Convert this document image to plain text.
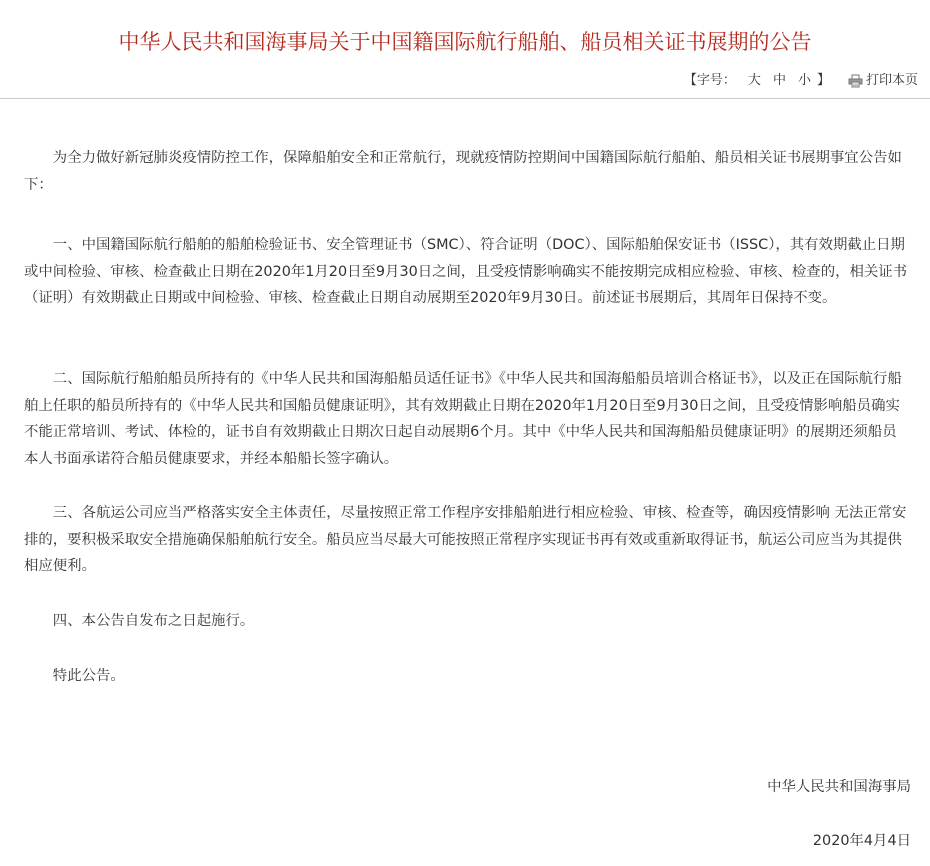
中华人民共和国海事局关于中国籍国际航行船舶、船员相关证书展期的公告
【 字号： 大 中 小 】	打印本页

为全力做好新冠肺炎疫情防控工作，保障船舶安全和正常航行，现就疫情防控期间中国籍国际航行船舶、船员相关证书展期事宜公告如下：

一、中国籍国际航行船舶的船舶检验证书、安全管理证书（SMC）、符合证明（DOC）、国际船舶保安证书（ISSC），其有效期截止日期或中间检验、审核、检查截止日期在2020年1月20日至9月30日之间，且受疫情影响确实不能按期完成相应检验、审核、检查的，相关证书（证明）有效期截止日期或中间检验、审核、检查截止日期自动展期至2020年9月30日。前述证书展期后，其周年日保持不变。

二、国际航行船舶船员所持有的《中华人民共和国海船船员适任证书》《中华人民共和国海船船员培训合格证书》，以及正在国际航行船舶上任职的船员所持有的《中华人民共和国船员健康证明》，其有效期截止日期在2020年1月20日至9月30日之间，且受疫情影响船员确实不能正常培训、考试、体检的，证书自有效期截止日期次日起自动展期6个月。其中《中华人民共和国海船船员健康证明》的展期还须船员本人书面承诺符合船员健康要求，并经本船船长签字确认。

三、各航运公司应当严格落实安全主体责任，尽量按照正常工作程序安排船舶进行相应检验、审核、检查等，确因疫情影响 无法正常安排的，要积极采取安全措施确保船舶航行安全。船员应当尽最大可能按照正常程序实现证书再有效或重新取得证书，航运公司应当为其提供相应便利。

四、本公告自发布之日起施行。

特此公告。

中华人民共和国海事局
2020年4月4日
